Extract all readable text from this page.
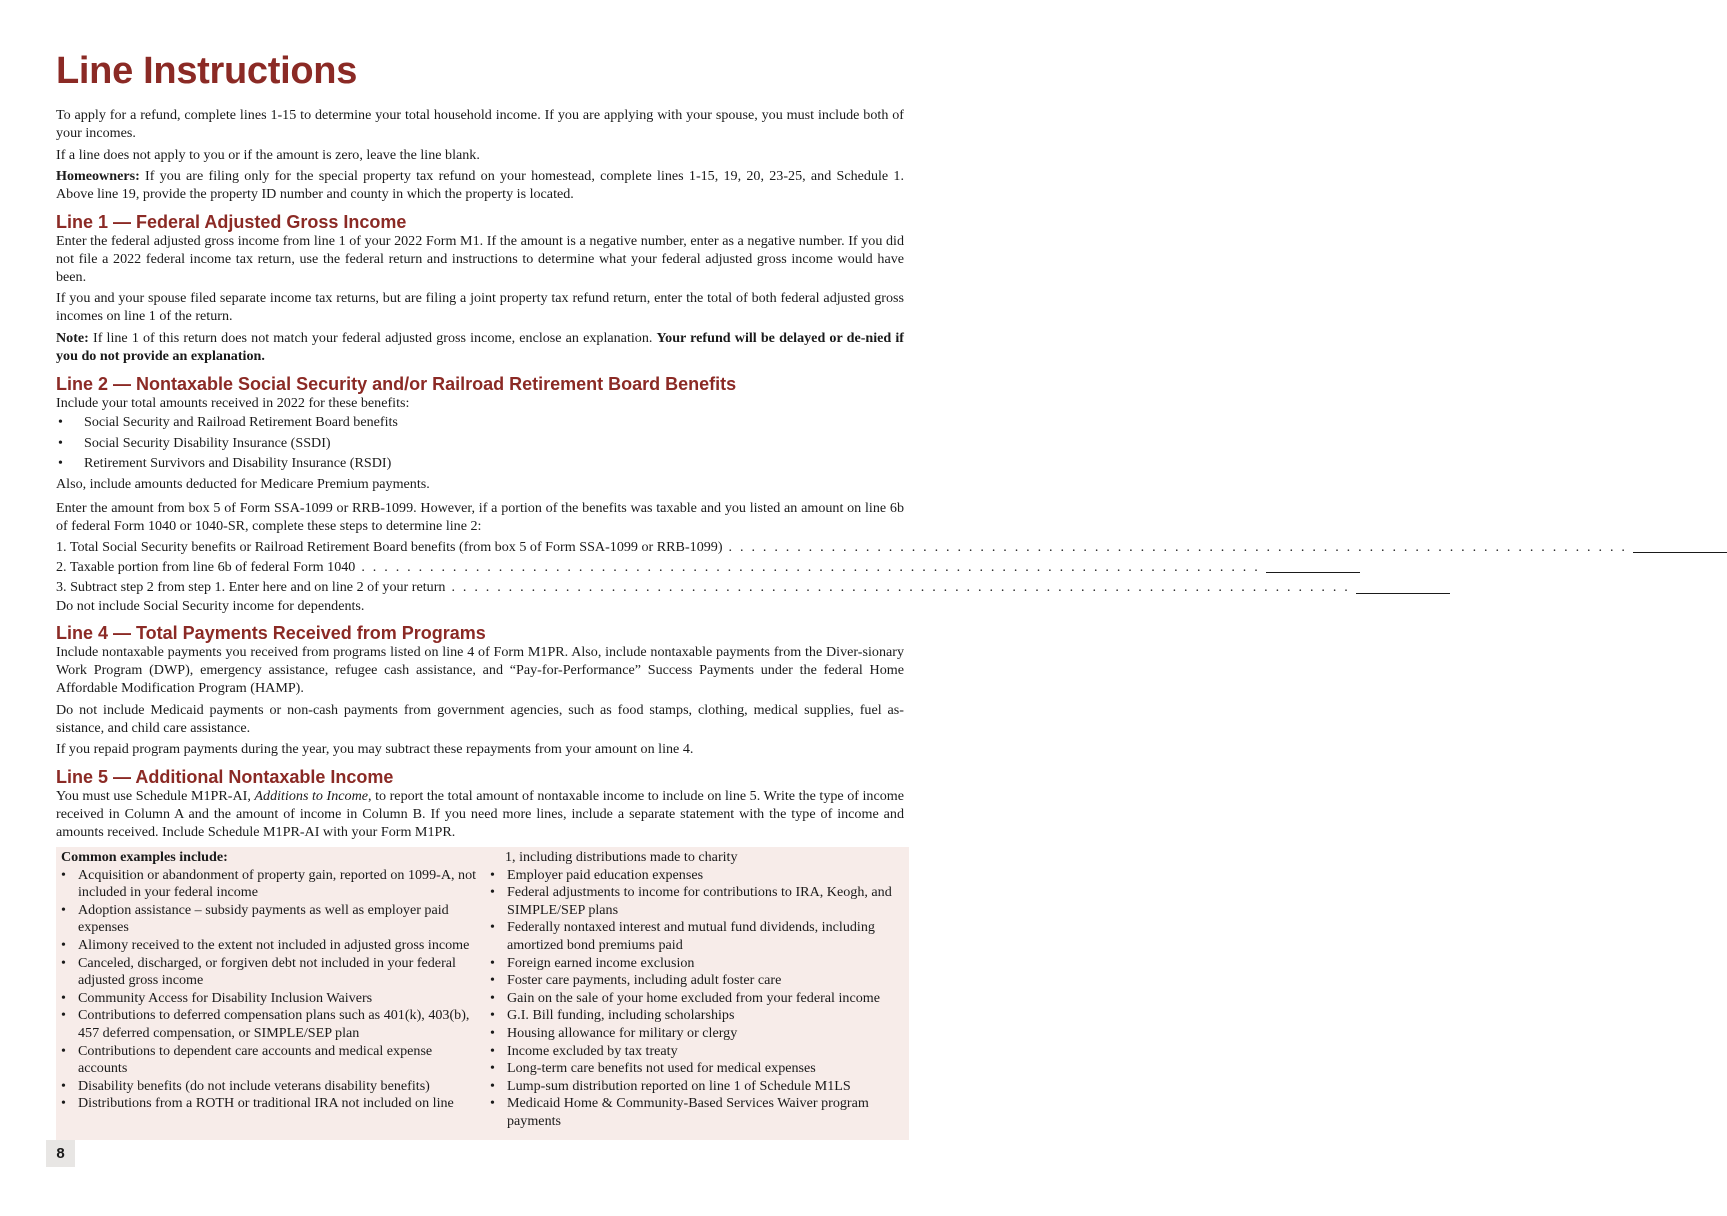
Line Instructions

To apply for a refund, complete lines 1-15 to determine your total household income. If you are applying with your spouse, you must include both of your incomes.

If a line does not apply to you or if the amount is zero, leave the line blank.

Homeowners: If you are filing only for the special property tax refund on your homestead, complete lines 1-15, 19, 20, 23-25, and Schedule 1. Above line 19, provide the property ID number and county in which the property is located.

Line 1 — Federal Adjusted Gross Income

Enter the federal adjusted gross income from line 1 of your 2022 Form M1. If the amount is a negative number, enter as a negative number. If you did not file a 2022 federal income tax return, use the federal return and instructions to determine what your federal adjusted gross income would have been.

If you and your spouse filed separate income tax returns, but are filing a joint property tax refund return, enter the total of both federal adjusted gross incomes on line 1 of the return.

Note: If line 1 of this return does not match your federal adjusted gross income, enclose an explanation. Your refund will be delayed or de-nied if you do not provide an explanation.

Line 2 — Nontaxable Social Security and/or Railroad Retirement Board Benefits

Include your total amounts received in 2022 for these benefits:

• Social Security and Railroad Retirement Board benefits
• Social Security Disability Insurance (SSDI)
• Retirement Survivors and Disability Insurance (RSDI)

Also, include amounts deducted for Medicare Premium payments.

Enter the amount from box 5 of Form SSA-1099 or RRB-1099. However, if a portion of the benefits was taxable and you listed an amount on line 6b of federal Form 1040 or 1040-SR, complete these steps to determine line 2:

1. Total Social Security benefits or Railroad Retirement Board benefits (from box 5 of Form SSA-1099 or RRB-1099) . . . . . . . . . . . . . . . . . . . . . . . . . . . . . . . . . . . . . . . . . . . . . . . . . . . . . . . . . . . . . . . . . . . . . . . . . . . . . . .
2. Taxable portion from line 6b of federal Form 1040 . . . . . . . . . . . . . . . . . . . . . . . . . . . . . . . . . . . . . . . . . . . . . . . . . . . . . . . . . . . . . . . . . . . . . . . . . . . . . . .
3. Subtract step 2 from step 1. Enter here and on line 2 of your return . . . . . . . . . . . . . . . . . . . . . . . . . . . . . . . . . . . . . . . . . . . . . . . . . . . . . . . . . . . . . . . . . . . . . . . . . . . . . . .

Do not include Social Security income for dependents.

Line 4 — Total Payments Received from Programs

Include nontaxable payments you received from programs listed on line 4 of Form M1PR. Also, include nontaxable payments from the Diver-sionary Work Program (DWP), emergency assistance, refugee cash assistance, and “Pay-for-Performance” Success Payments under the federal Home Affordable Modification Program (HAMP).

Do not include Medicaid payments or non-cash payments from government agencies, such as food stamps, clothing, medical supplies, fuel as-sistance, and child care assistance.

If you repaid program payments during the year, you may subtract these repayments from your amount on line 4.

Line 5 — Additional Nontaxable Income

You must use Schedule M1PR-AI, Additions to Income, to report the total amount of nontaxable income to include on line 5. Write the type of income received in Column A and the amount of income in Column B. If you need more lines, include a separate statement with the type of income and amounts received. Include Schedule M1PR-AI with your Form M1PR.

Common examples include:
• Acquisition or abandonment of property gain, reported on 1099-A, not included in your federal income
• Adoption assistance – subsidy payments as well as employer paid expenses
• Alimony received to the extent not included in adjusted gross income
• Canceled, discharged, or forgiven debt not included in your federal adjusted gross income
• Community Access for Disability Inclusion Waivers
• Contributions to deferred compensation plans such as 401(k), 403(b), 457 deferred compensation, or SIMPLE/SEP plan
• Contributions to dependent care accounts and medical expense accounts
• Disability benefits (do not include veterans disability benefits)
• Distributions from a ROTH or traditional IRA not included on line
1, including distributions made to charity
• Employer paid education expenses
• Federal adjustments to income for contributions to IRA, Keogh, and SIMPLE/SEP plans
• Federally nontaxed interest and mutual fund dividends, including amortized bond premiums paid
• Foreign earned income exclusion
• Foster care payments, including adult foster care
• Gain on the sale of your home excluded from your federal income
• G.I. Bill funding, including scholarships
• Housing allowance for military or clergy
• Income excluded by tax treaty
• Long-term care benefits not used for medical expenses
• Lump-sum distribution reported on line 1 of Schedule M1LS
• Medicaid Home & Community-Based Services Waiver program payments
8
